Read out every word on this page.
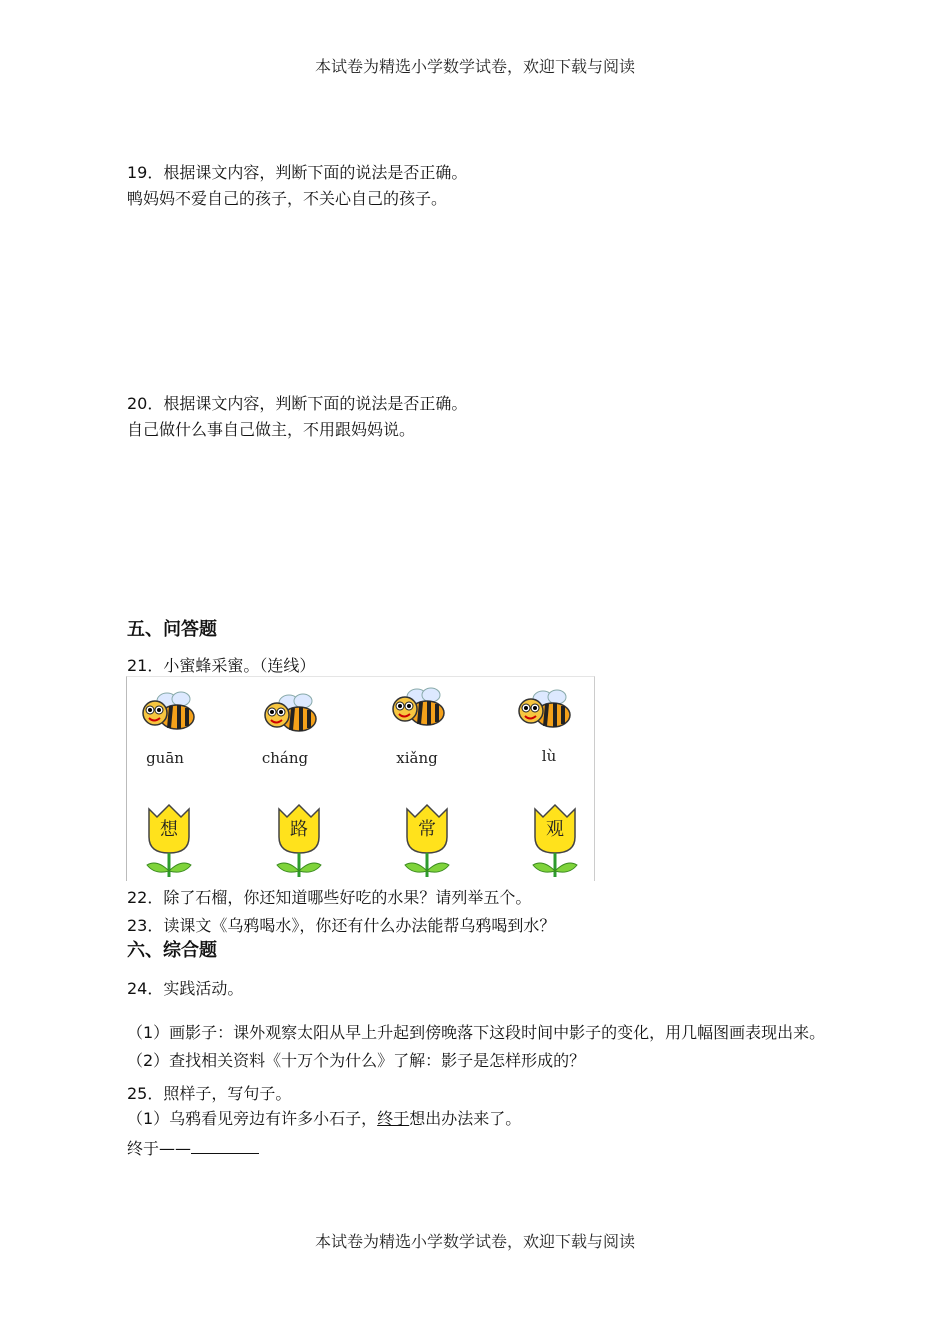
本试卷为精选小学数学试卷，欢迎下载与阅读
19．根据课文内容，判断下面的说法是否正确。
鸭妈妈不爱自己的孩子，不关心自己的孩子。
20．根据课文内容，判断下面的说法是否正确。
自己做什么事自己做主，不用跟妈妈说。
五、问答题
21．小蜜蜂采蜜。（连线）
guān	cháng	xiǎng	lù
想	路	常	观
22．除了石榴，你还知道哪些好吃的水果？请列举五个。
23．读课文《乌鸦喝水》，你还有什么办法能帮乌鸦喝到水？
六、综合题
24．实践活动。
（1）画影子：课外观察太阳从早上升起到傍晚落下这段时间中影子的变化，用几幅图画表现出来。
（2）查找相关资料《十万个为什么》了解：影子是怎样形成的？
25．照样子，写句子。
（1）乌鸦看见旁边有许多小石子，终于想出办法来了。
终于——
本试卷为精选小学数学试卷，欢迎下载与阅读
